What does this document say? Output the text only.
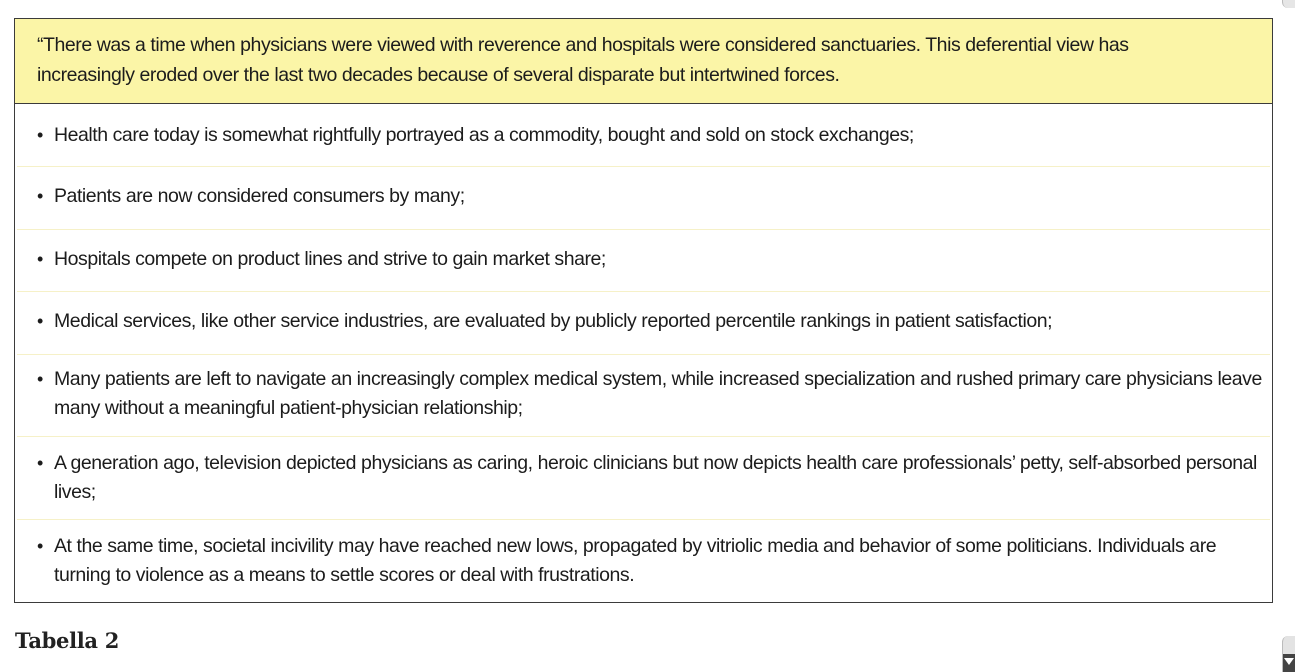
“There was a time when physicians were viewed with reverence and hospitals were considered sanctuaries. This deferential view has increasingly eroded over the last two decades because of several disparate but intertwined forces.
• Health care today is somewhat rightfully portrayed as a commodity, bought and sold on stock exchanges;
• Patients are now considered consumers by many;
• Hospitals compete on product lines and strive to gain market share;
• Medical services, like other service industries, are evaluated by publicly reported percentile rankings in patient satisfaction;
• Many patients are left to navigate an increasingly complex medical system, while increased specialization and rushed primary care physicians leave many without a meaningful patient-physician relationship;
• A generation ago, television depicted physicians as caring, heroic clinicians but now depicts health care professionals’ petty, self-absorbed personal lives;
• At the same time, societal incivility may have reached new lows, propagated by vitriolic media and behavior of some politicians. Individuals are turning to violence as a means to settle scores or deal with frustrations.
Tabella 2
